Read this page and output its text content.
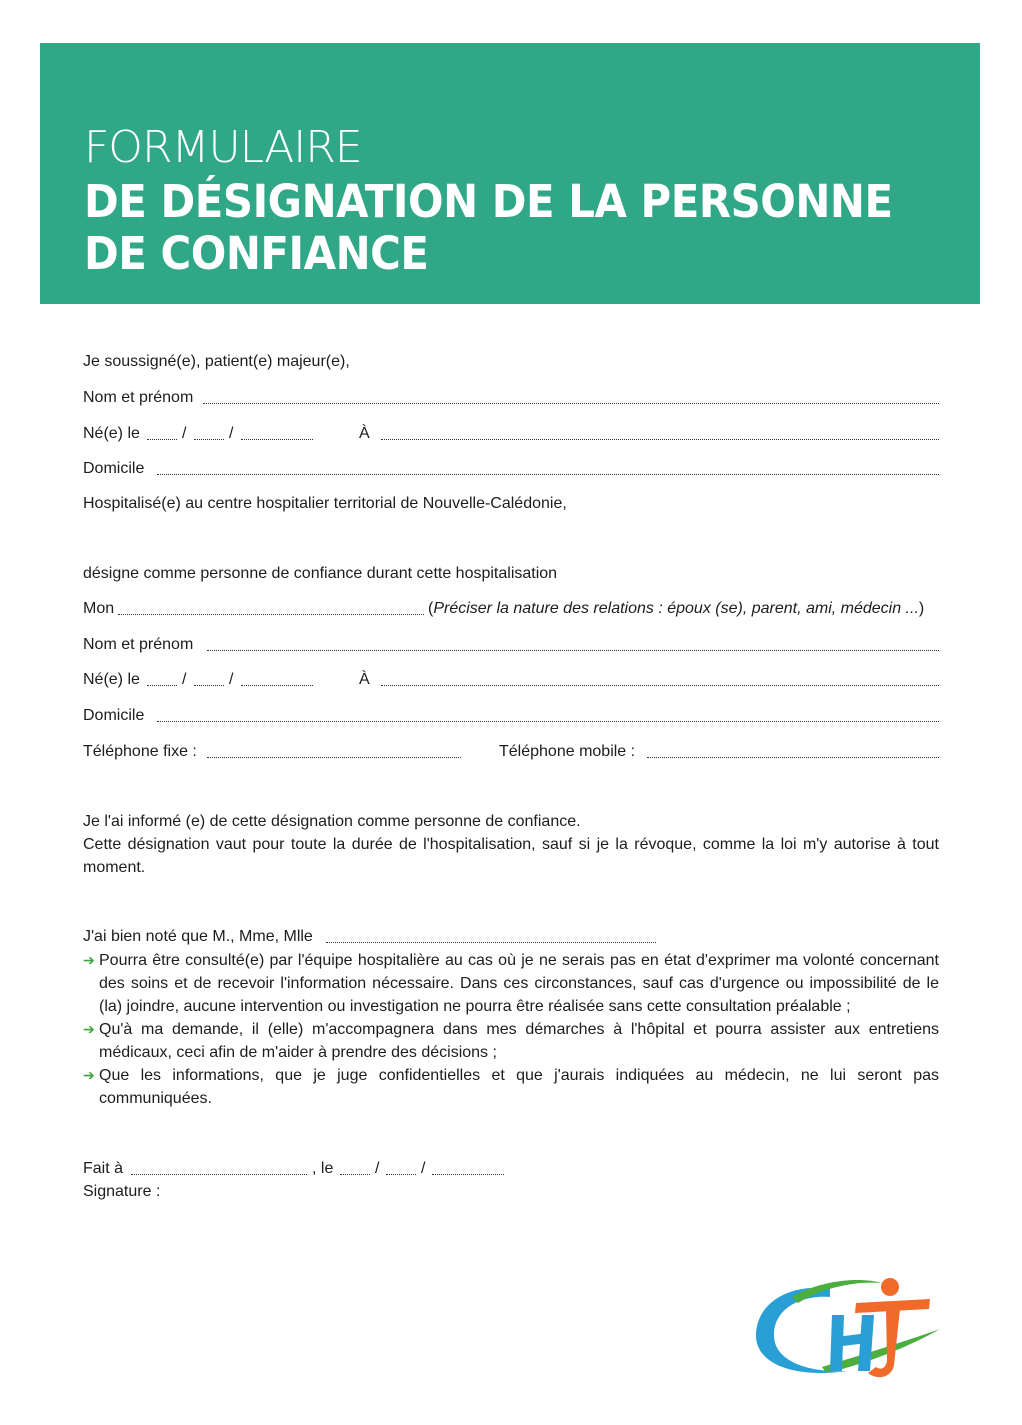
FORMULAIRE
DE DÉSIGNATION DE LA PERSONNE
DE CONFIANCE
Je soussigné(e), patient(e) majeur(e),
Nom et prénom
Né(e) le	/	/	À
Domicile
Hospitalisé(e) au centre hospitalier territorial de Nouvelle-Calédonie,
désigne comme personne de confiance durant cette hospitalisation
Mon	(Préciser la nature des relations : époux (se), parent, ami, médecin ...)
Nom et prénom
Né(e) le	/	/	À
Domicile
Téléphone fixe :	Téléphone mobile :

Je l'ai informé (e) de cette désignation comme personne de confiance.

Cette désignation vaut pour toute la durée de l'hospitalisation, sauf si je la révoque, comme la loi m'y autorise à tout moment.

J'ai bien noté que M., Mme, Mlle
➔ Pourra être consulté(e) par l'équipe hospitalière au cas où je ne serais pas en état d'exprimer ma volonté concernant des soins et de recevoir l'information nécessaire. Dans ces circonstances, sauf cas d'urgence ou impossibilité de le (la) joindre, aucune intervention ou investigation ne pourra être réalisée sans cette consultation préalable ;
➔ Qu'à ma demande, il (elle) m'accompagnera dans mes démarches à l'hôpital et pourra assister aux entretiens médicaux, ceci afin de m'aider à prendre des décisions ;
➔ Que les informations, que je juge confidentielles et que j'aurais indiquées au médecin, ne lui seront pas communiquées.
Fait à	, le	/	/
Signature :
